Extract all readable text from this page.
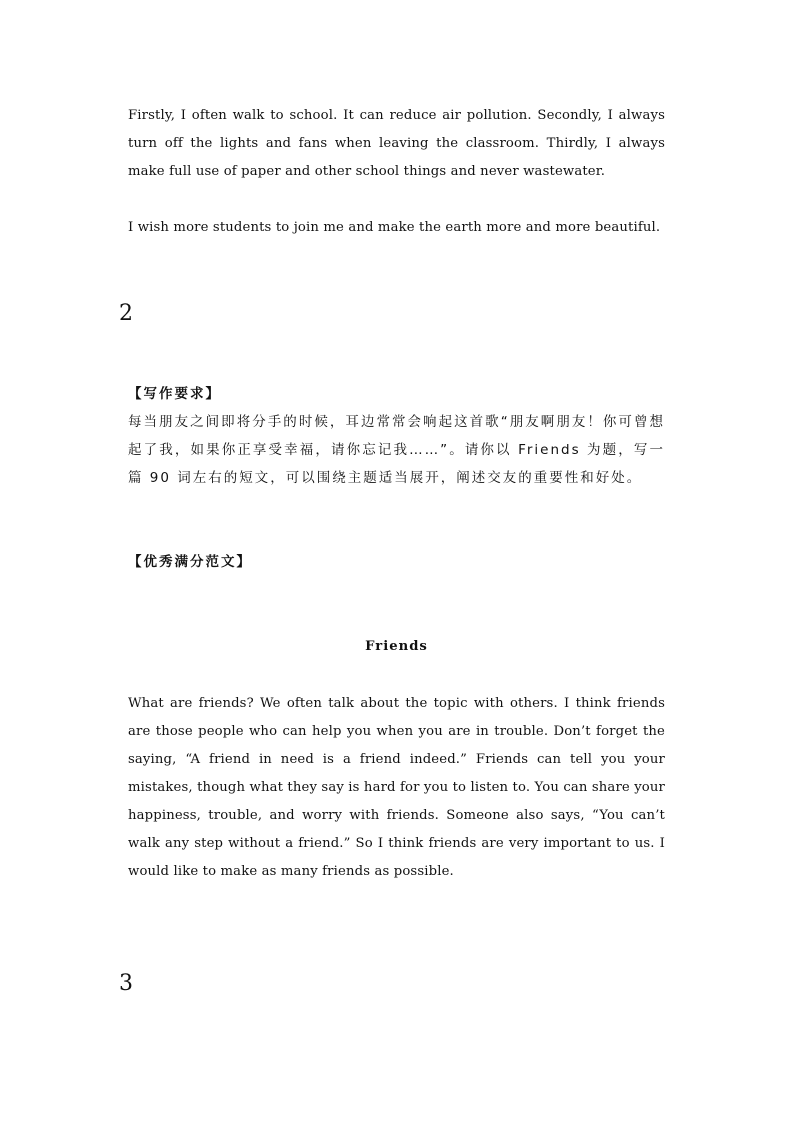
Firstly, I often walk to school. It can reduce air pollution. Secondly, I always turn off the lights and fans when leaving the classroom. Thirdly, I always make full use of paper and other school things and never wastewater.

I wish more students to join me and make the earth more and more beautiful.

2

【写作要求】

每当朋友之间即将分手的时候，耳边常常会响起这首歌“朋友啊朋友！你可曾想起了我，如果你正享受幸福，请你忘记我……”。请你以 Friends 为题，写一篇 90 词左右的短文，可以围绕主题适当展开，阐述交友的重要性和好处。

【优秀满分范文】

Friends

What are friends? We often talk about the topic with others. I think friends are those people who can help you when you are in trouble. Don’t forget the saying, “A friend in need is a friend indeed.” Friends can tell you your mistakes, though what they say is hard for you to listen to. You can share your happiness, trouble, and worry with friends. Someone also says, “You can’t walk any step without a friend.” So I think friends are very important to us. I would like to make as many friends as possible.

3
